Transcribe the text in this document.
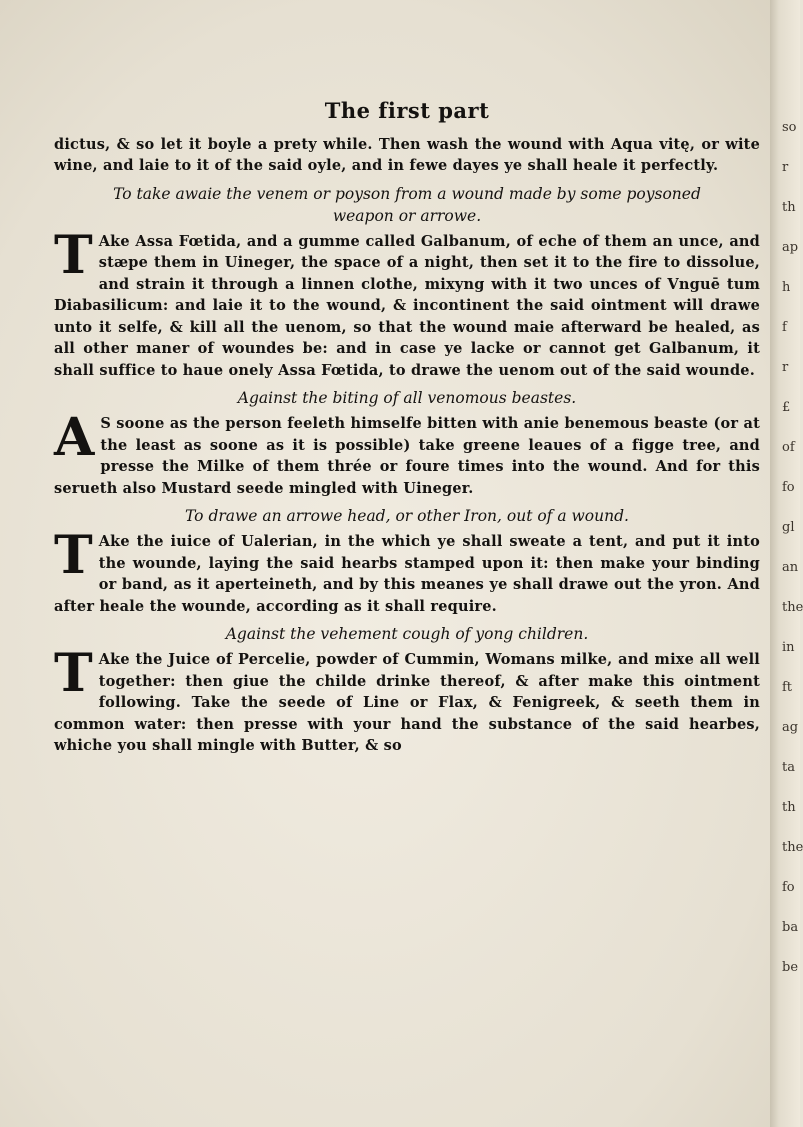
so
r
th
ap
h
f
r
£
of
fo
gl
an
the
in
ft
ag
ta
th
the
fo
ba
be
The first part

dictus, & so let it boyle a prety while. Then wash the wound with Aqua vitę, or wite wine, and laie to it of the said oyle, and in fewe dayes ye shall heale it perfectly.

To take awaie the venem or poyson from a wound made by some poysoned weapon or arrowe.

T Ake Assa Fœtida, and a gumme called Galbanum, of eche of them an unce, and stæpe them in Uineger, the space of a night, then set it to the fire to dissolue, and strain it through a linnen clothe, mixyng with it two unces of Vnguē tum Diabasilicum: and laie it to the wound, & incontinent the said ointment will drawe unto it selfe, & kill all the uenom, so that the wound maie afterward be healed, as all other maner of woundes be: and in case ye lacke or cannot get Galbanum, it shall suffice to haue onely Assa Fœtida, to drawe the uenom out of the said wounde.

Against the biting of all venomous beastes.

A S soone as the person feeleth himselfe bitten with anie benemous beaste (or at the least as soone as it is possible) take greene leaues of a figge tree, and presse the Milke of them thrée or foure times into the wound. And for this serueth also Mustard seede mingled with Uineger.

To drawe an arrowe head, or other Iron, out of a wound.

T Ake the iuice of Ualerian, in the which ye shall sweate a tent, and put it into the wounde, laying the said hearbs stamped upon it: then make your binding or band, as it aperteineth, and by this meanes ye shall drawe out the yron. And after heale the wounde, according as it shall require.

Against the vehement cough of yong children.

T Ake the Juice of Percelie, powder of Cummin, Womans milke, and mixe all well together: then giue the childe drinke thereof, & after make this ointment following. Take the seede of Line or Flax, & Fenigreek, & seeth them in common water: then presse with your hand the substance of the said hearbes, whiche you shall mingle with Butter, & so
